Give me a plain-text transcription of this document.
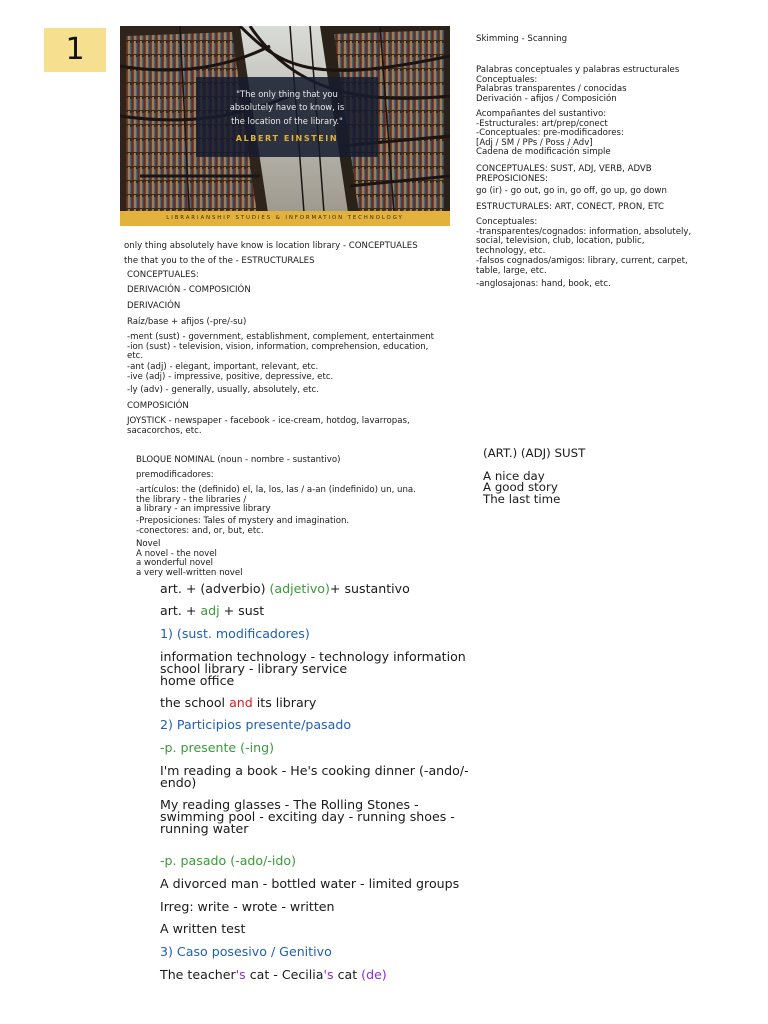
1
"The only thing that you
absolutely have to know, is
the location of the library."
ALBERT EINSTEIN
LIBRARIANSHIP STUDIES & INFORMATION TECHNOLOGY
Skimming - Scanning
Palabras conceptuales y palabras estructurales
Conceptuales:
Palabras transparentes / conocidas
Derivación - afijos / Composición
Acompañantes del sustantivo:
-Estructurales: art/prep/conect
-Conceptuales: pre-modificadores:
[Adj / SM / PPs / Poss / Adv]
Cadena de modificación simple
CONCEPTUALES: SUST, ADJ, VERB, ADVB
PREPOSICIONES:
go (ir) - go out, go in, go off, go up, go down
ESTRUCTURALES: ART, CONECT, PRON, ETC
Conceptuales:
-transparentes/cognados: information, absolutely,
social, television, club, location, public,
technology, etc.
-falsos cognados/amigos: library, current, carpet,
table, large, etc.
-anglosajonas: hand, book, etc.
only thing absolutely have know is location library - CONCEPTUALES
the that you to the of the - ESTRUCTURALES
CONCEPTUALES:
DERIVACIÓN - COMPOSICIÓN
DERIVACIÓN
Raíz/base + afijos (-pre/-su)
-ment (sust) - government, establishment, complement, entertainment
-ion (sust) - television, vision, information, comprehension, education,
etc.
-ant (adj) - elegant, important, relevant, etc.
-ive (adj) - impressive, positive, depressive, etc.
-ly (adv) - generally, usually, absolutely, etc.
COMPOSICIÓN
JOYSTICK - newspaper - facebook - ice-cream, hotdog, lavarropas,
sacacorchos, etc.
BLOQUE NOMINAL (noun - nombre - sustantivo)
premodificadores:
-artículos: the (definido) el, la, los, las / a-an (indefinido) un, una.
the library - the libraries /
a library - an impressive library
-Preposiciones: Tales of mystery and imagination.
-conectores: and, or, but, etc.
Novel
A novel - the novel
a wonderful novel
a very well-written novel
(ART.) (ADJ) SUST
A nice day
A good story
The last time
art. + (adverbio) (adjetivo)+ sustantivo
art. + adj + sust
1) (sust. modificadores)
information technology - technology information
school library - library service
home office
the school and its library
2) Participios presente/pasado
-p. presente (-ing)
I'm reading a book - He's cooking dinner (-ando/-
endo)
My reading glasses - The Rolling Stones -
swimming pool - exciting day - running shoes -
running water
-p. pasado (-ado/-ido)
A divorced man - bottled water - limited groups
Irreg: write - wrote - written
A written test
3) Caso posesivo / Genitivo
The teacher's cat - Cecilia's cat (de)
